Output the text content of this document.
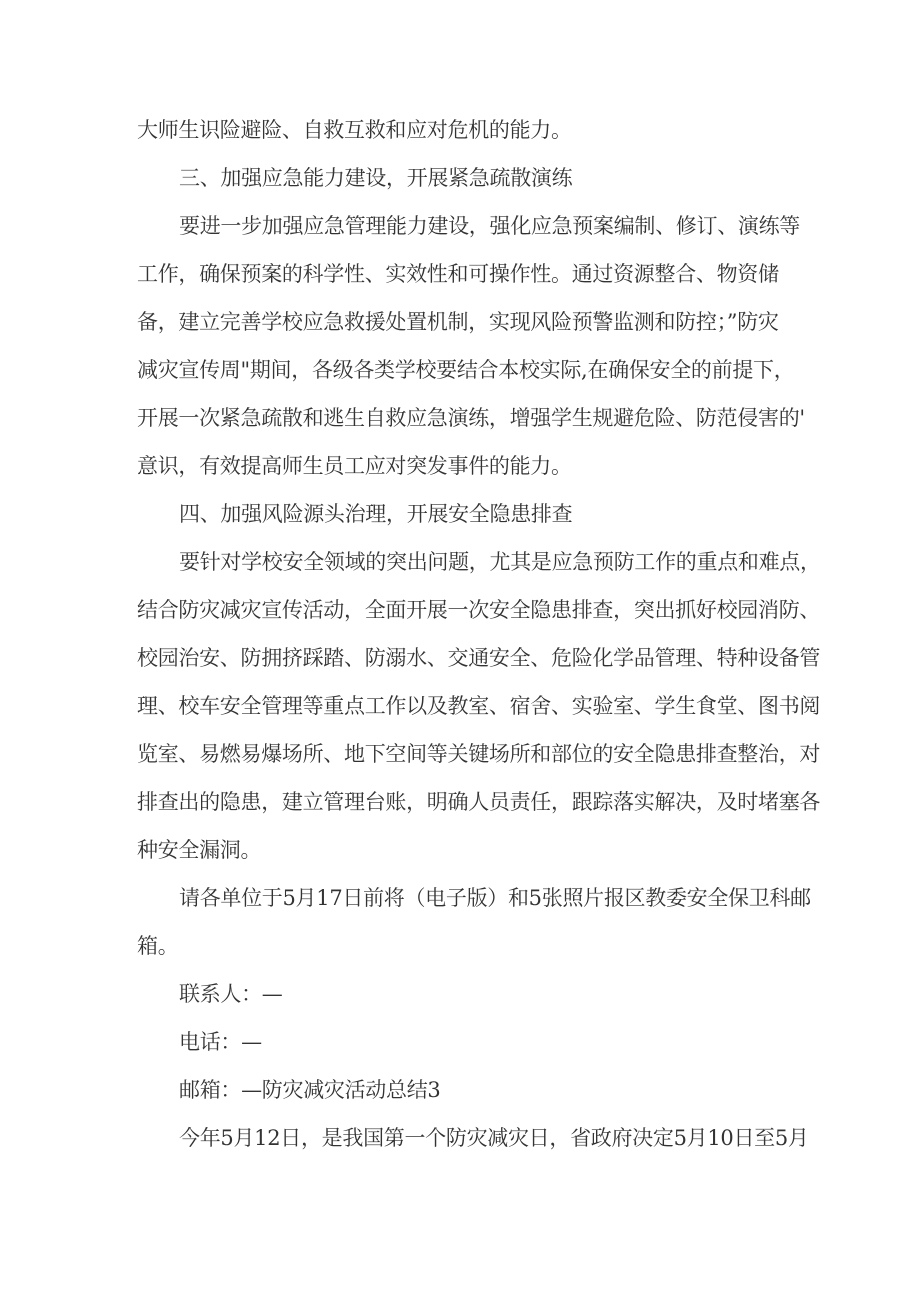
大师生识险避险、自救互救和应对危机的能力。
三、加强应急能力建设，开展紧急疏散演练
要进一步加强应急管理能力建设，强化应急预案编制、修订、演练等
工作，确保预案的科学性、实效性和可操作性。通过资源整合、物资储
备，建立完善学校应急救援处置机制，实现风险预警监测和防控；”防灾
减灾宣传周"期间，各级各类学校要结合本校实际,在确保安全的前提下，
开展一次紧急疏散和逃生自救应急演练，增强学生规避危险、防范侵害的'
意识，有效提高师生员工应对突发事件的能力。
四、加强风险源头治理，开展安全隐患排查
要针对学校安全领域的突出问题，尤其是应急预防工作的重点和难点，
结合防灾减灾宣传活动，全面开展一次安全隐患排查，突出抓好校园消防、
校园治安、防拥挤踩踏、防溺水、交通安全、危险化学品管理、特种设备管
理、校车安全管理等重点工作以及教室、宿舍、实验室、学生食堂、图书阅
览室、易燃易爆场所、地下空间等关键场所和部位的安全隐患排查整治，对
排查出的隐患，建立管理台账，明确人员责任，跟踪落实解决，及时堵塞各
种安全漏洞。
请各单位于5月17日前将（电子版）和5张照片报区教委安全保卫科邮
箱。
联系人：—
电话：—
邮箱：—防灾减灾活动总结3
今年5月12日，是我国第一个防灾减灾日，省政府决定5月10日至5月
